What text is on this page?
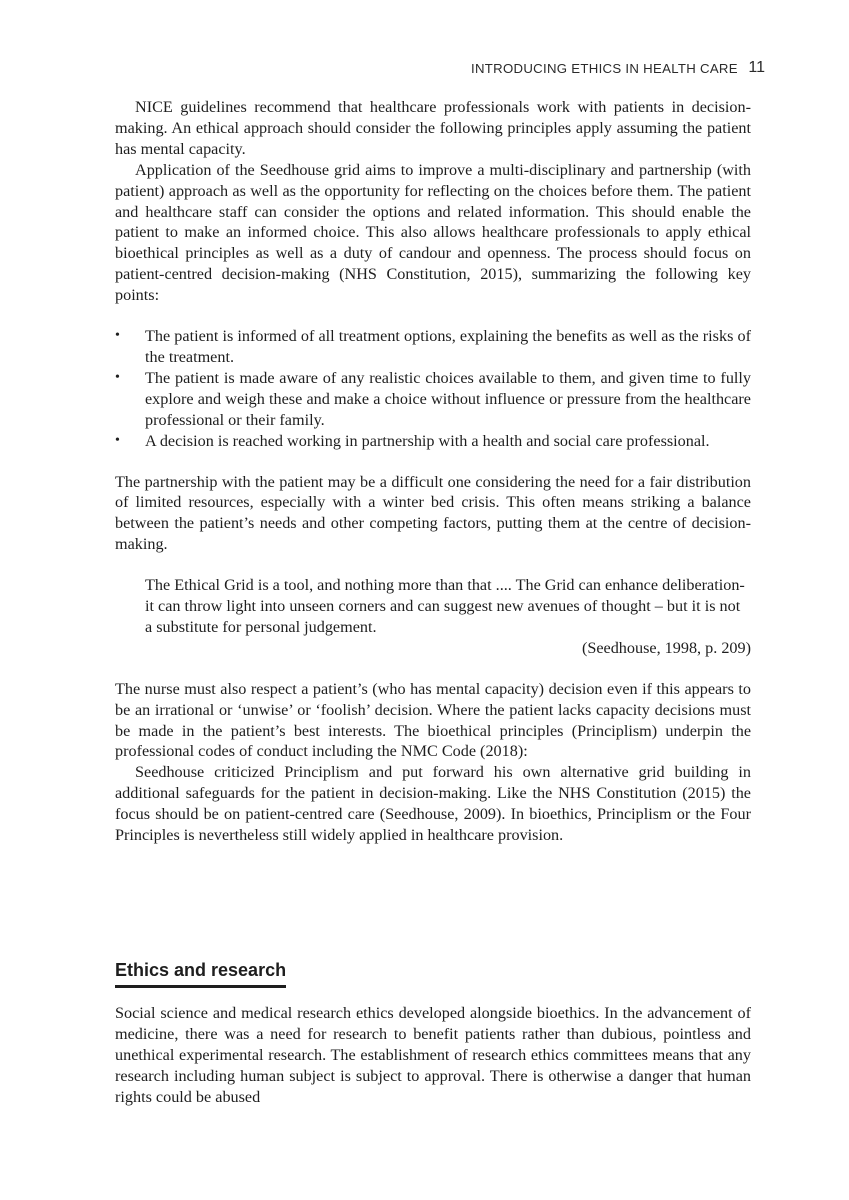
INTRODUCING ETHICS IN HEALTH CARE 11

NICE guidelines recommend that healthcare professionals work with patients in decision-making. An ethical approach should consider the following principles apply assuming the patient has mental capacity.

Application of the Seedhouse grid aims to improve a multi-disciplinary and partnership (with patient) approach as well as the opportunity for reflecting on the choices before them. The patient and healthcare staff can consider the options and related information. This should enable the patient to make an informed choice. This also allows healthcare professionals to apply ethical bioethical principles as well as a duty of candour and openness. The process should focus on patient-centred decision-making (NHS Constitution, 2015), summarizing the following key points:

• The patient is informed of all treatment options, explaining the benefits as well as the risks of the treatment.
• The patient is made aware of any realistic choices available to them, and given time to fully explore and weigh these and make a choice without influence or pressure from the healthcare professional or their family.
• A decision is reached working in partnership with a health and social care professional.

The partnership with the patient may be a difficult one considering the need for a fair distribution of limited resources, especially with a winter bed crisis. This often means striking a balance between the patient’s needs and other competing factors, putting them at the centre of decision-making.

The Ethical Grid is a tool, and nothing more than that .... The Grid can enhance deliberation- it can throw light into unseen corners and can suggest new avenues of thought – but it is not a substitute for personal judgement.

(Seedhouse, 1998, p. 209)

The nurse must also respect a patient’s (who has mental capacity) decision even if this appears to be an irrational or ‘unwise’ or ‘foolish’ decision. Where the patient lacks capacity decisions must be made in the patient’s best interests. The bioethical principles (Principlism) underpin the professional codes of conduct including the NMC Code (2018):

Seedhouse criticized Principlism and put forward his own alternative grid building in additional safeguards for the patient in decision-making. Like the NHS Constitution (2015) the focus should be on patient-centred care (Seedhouse, 2009). In bioethics, Principlism or the Four Principles is nevertheless still widely applied in healthcare provision.

Ethics and research

Social science and medical research ethics developed alongside bioethics. In the advancement of medicine, there was a need for research to benefit patients rather than dubious, pointless and unethical experimental research. The establishment of research ethics committees means that any research including human subject is subject to approval. There is otherwise a danger that human rights could be abused
